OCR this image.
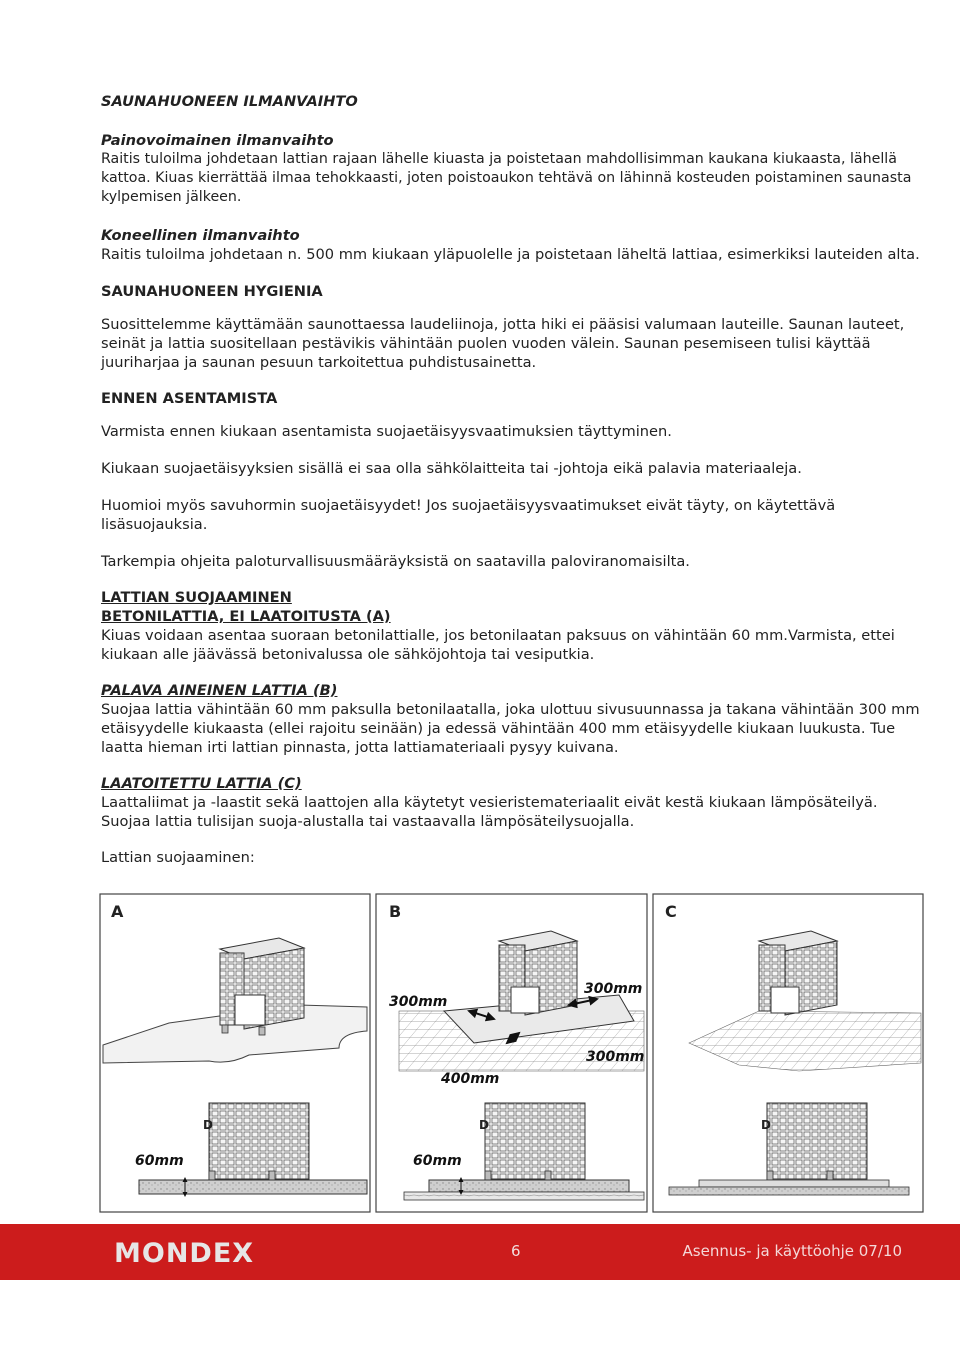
SAUNAHUONEEN ILMANVAIHTO

Painovoimainen ilmanvaihto

Raitis tuloilma johdetaan lattian rajaan lähelle kiuasta ja poistetaan mahdollisimman kaukana kiukaasta, lähellä kattoa. Kiuas kierrättää ilmaa tehokkaasti, joten poistoaukon tehtävä on lähinnä kosteuden poistaminen saunasta kylpemisen jälkeen.

Koneellinen ilmanvaihto

Raitis tuloilma johdetaan n. 500 mm kiukaan yläpuolelle ja poistetaan läheltä lattiaa, esimerkiksi lauteiden alta.

SAUNAHUONEEN HYGIENIA

Suosittelemme käyttämään saunottaessa laudeliinoja, jotta hiki ei pääsisi valumaan lauteille. Saunan lauteet, seinät ja lattia suositellaan pestävikis vähintään puolen vuoden välein. Saunan pesemiseen tulisi käyttää juuriharjaa ja saunan pesuun tarkoitettua puhdistusainetta.

ENNEN ASENTAMISTA

Varmista ennen kiukaan asentamista suojaetäisyysvaatimuksien täyttyminen.

Kiukaan suojaetäisyyksien sisällä ei saa olla sähkölaitteita tai -johtoja eikä palavia materiaaleja.

Huomioi myös savuhormin suojaetäisyydet! Jos suojaetäisyysvaatimukset eivät täyty, on käytettävä lisäsuojauksia.

Tarkempia ohjeita paloturvallisuusmääräyksistä on saatavilla paloviranomaisilta.

LATTIAN SUOJAAMINEN

BETONILATTIA, EI LAATOITUSTA (A)

Kiuas voidaan asentaa suoraan betonilattialle, jos betonilaatan paksuus on vähintään 60 mm.Varmista, ettei kiukaan alle jäävässä betonivalussa ole sähköjohtoja tai vesiputkia.

PALAVA AINEINEN LATTIA (B)

Suojaa lattia vähintään 60 mm paksulla betonilaatalla, joka ulottuu sivusuunnassa ja takana vähintään 300 mm etäisyydelle kiukaasta (ellei rajoitu seinään) ja edessä vähintään 400 mm etäisyydelle kiukaan luukusta. Tue laatta hieman irti lattian pinnasta, jotta lattiamateriaali pysyy kuivana.

LAATOITETTU LATTIA (C)

Laattaliimat ja -laastit sekä laattojen alla käytetyt vesieristemateriaalit eivät kestä kiukaan lämpösäteilyä. Suojaa lattia tulisijan suoja-alustalla tai vastaavalla lämpösäteilysuojalla.

Lattian suojaaminen:

A	B	C
300mm
400mm
300mm
300mm
D
60mm
D
60mm
D
MONDEX	6	Asennus- ja käyttöohje 07/10
